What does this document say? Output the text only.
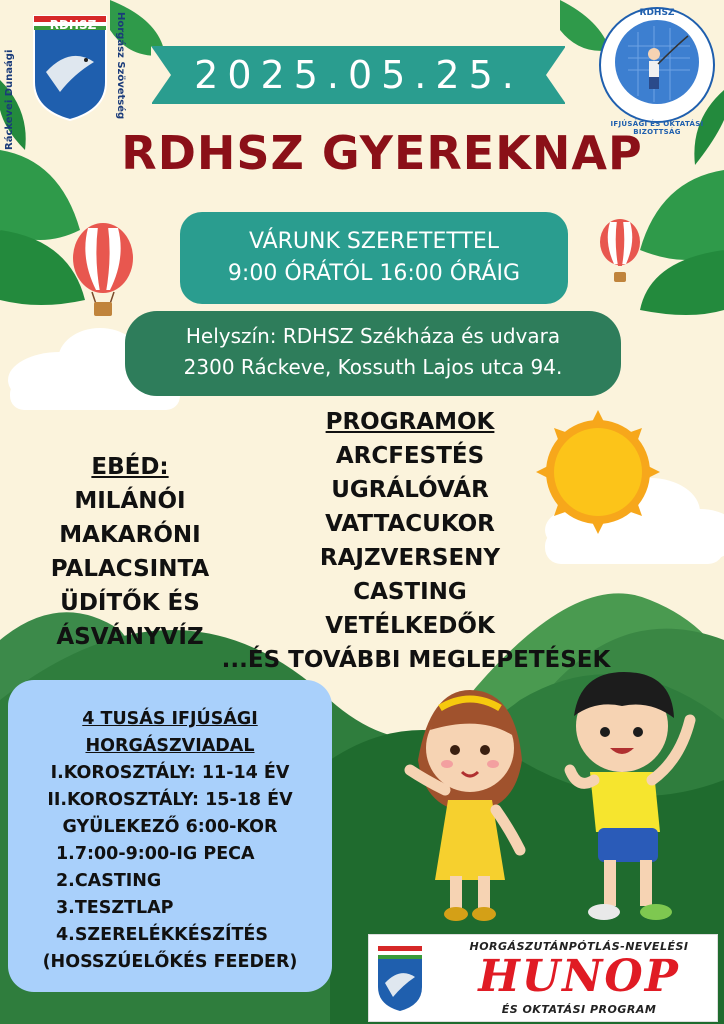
RDHSZ
Ráckevei Dunaági	Horgász Szövetség	RDHSZ
IFJÚSÁGI ÉS OKTATÁSI BIZOTTSÁG
2025.05.25.
RDHSZ GYEREKNAP
VÁRUNK SZERETETTEL
9:00 ÓRÁTÓL 16:00 ÓRÁIG
Helyszín: RDHSZ Székháza és udvara
2300 Ráckeve, Kossuth Lajos utca 94.
EBÉD:
MILÁNÓI MAKARÓNI
PALACSINTA
ÜDÍTŐK ÉS
ÁSVÁNYVÍZ
PROGRAMOK
ARCFESTÉS
UGRÁLÓVÁR
VATTACUKOR
RAJZVERSENY
CASTING
VETÉLKEDŐK
...ÉS TOVÁBBI MEGLEPETÉSEK
4 TUSÁS IFJÚSÁGI
HORGÁSZVIADAL
I.KOROSZTÁLY: 11-14 ÉV
II.KOROSZTÁLY: 15-18 ÉV
GYÜLEKEZŐ 6:00-KOR
1.7:00-9:00-IG PECA
2.CASTING
3.TESZTLAP
4.SZERELÉKKÉSZÍTÉS
(HOSSZÚELŐKÉS FEEDER)
HORGÁSZUTÁNPÓTLÁS-NEVELÉSI
HUNOP
ÉS OKTATÁSI PROGRAM
